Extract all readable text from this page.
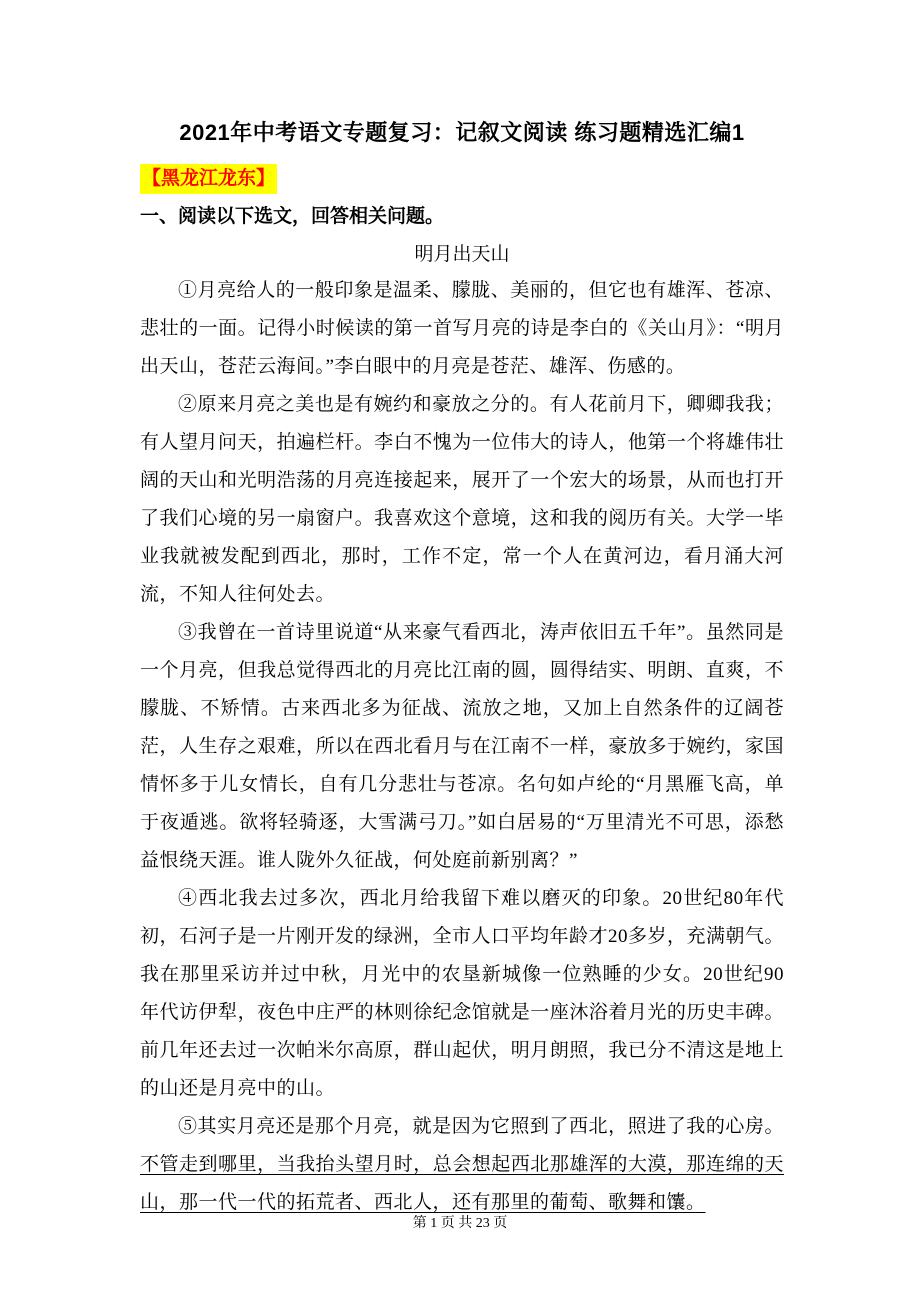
2021年中考语文专题复习：记叙文阅读 练习题精选汇编1

【黑龙江龙东】

一、阅读以下选文，回答相关问题。
明月出天山

①月亮给人的一般印象是温柔、朦胧、美丽的，但它也有雄浑、苍凉、悲壮的一面。记得小时候读的第一首写月亮的诗是李白的《关山月》：“明月出天山，苍茫云海间。”李白眼中的月亮是苍茫、雄浑、伤感的。

②原来月亮之美也是有婉约和豪放之分的。有人花前月下，卿卿我我；有人望月问天，拍遍栏杆。李白不愧为一位伟大的诗人，他第一个将雄伟壮阔的天山和光明浩荡的月亮连接起来，展开了一个宏大的场景，从而也打开了我们心境的另一扇窗户。我喜欢这个意境，这和我的阅历有关。大学一毕业我就被发配到西北，那时，工作不定，常一个人在黄河边，看月涌大河流，不知人往何处去。

③我曾在一首诗里说道“从来豪气看西北，涛声依旧五千年”。虽然同是一个月亮，但我总觉得西北的月亮比江南的圆，圆得结实、明朗、直爽，不朦胧、不矫情。古来西北多为征战、流放之地，又加上自然条件的辽阔苍茫，人生存之艰难，所以在西北看月与在江南不一样，豪放多于婉约，家国情怀多于儿女情长，自有几分悲壮与苍凉。名句如卢纶的“月黑雁飞高，单于夜遁逃。欲将轻骑逐，大雪满弓刀。”如白居易的“万里清光不可思，添愁益恨绕天涯。谁人陇外久征战，何处庭前新别离？”

④西北我去过多次，西北月给我留下难以磨灭的印象。20世纪80年代初，石河子是一片刚开发的绿洲，全市人口平均年龄才20多岁，充满朝气。我在那里采访并过中秋，月光中的农垦新城像一位熟睡的少女。20世纪90年代访伊犁，夜色中庄严的林则徐纪念馆就是一座沐浴着月光的历史丰碑。前几年还去过一次帕米尔高原，群山起伏，明月朗照，我已分不清这是地上的山还是月亮中的山。

⑤其实月亮还是那个月亮，就是因为它照到了西北，照进了我的心房。不管走到哪里，当我抬头望月时，总会想起西北那雄浑的大漠，那连绵的天山，那一代一代的拓荒者、西北人，还有那里的葡萄、歌舞和馕。

第 1 页 共 23 页
